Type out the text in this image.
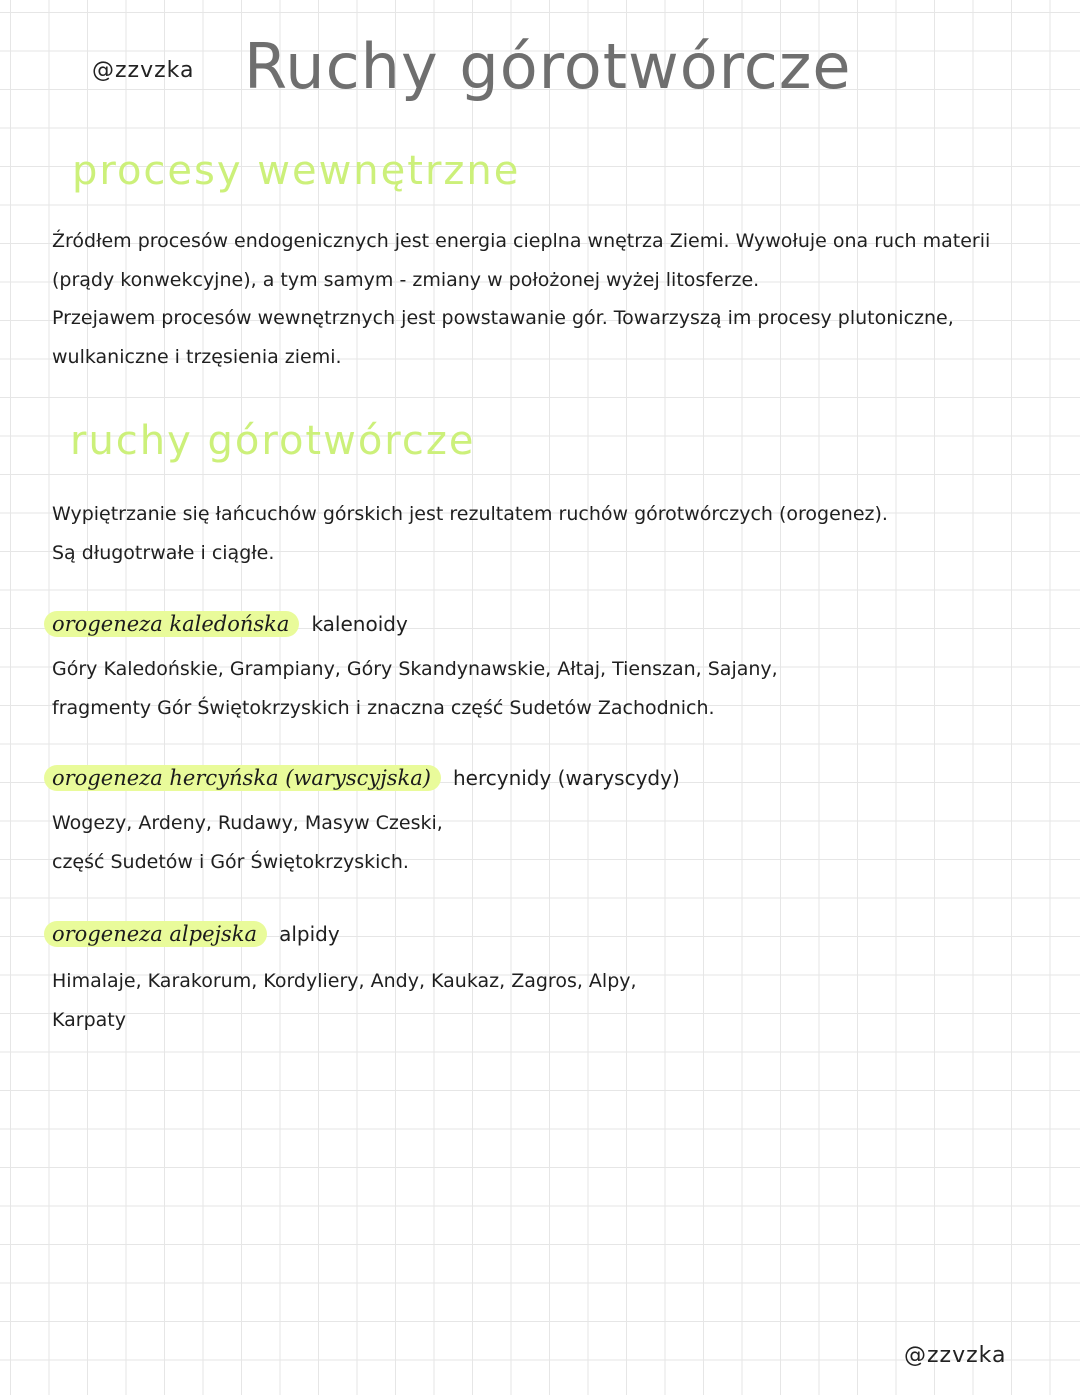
@zzvzka Ruchy górotwórcze
procesy wewnętrzne
Źródłem procesów endogenicznych jest energia cieplna wnętrza Ziemi. Wywołuje ona ruch materii
(prądy konwekcyjne), a tym samym - zmiany w położonej wyżej litosferze.
Przejawem procesów wewnętrznych jest powstawanie gór. Towarzyszą im procesy plutoniczne,
wulkaniczne i trzęsienia ziemi.
ruchy górotwórcze
Wypiętrzanie się łańcuchów górskich jest rezultatem ruchów górotwórczych (orogenez).
Są długotrwałe i ciągłe.
orogeneza kaledońska kalenoidy
Góry Kaledońskie, Grampiany, Góry Skandynawskie, Ałtaj, Tienszan, Sajany,
fragmenty Gór Świętokrzyskich i znaczna część Sudetów Zachodnich.
orogeneza hercyńska (waryscyjska) hercynidy (waryscydy)
Wogezy, Ardeny, Rudawy, Masyw Czeski,
część Sudetów i Gór Świętokrzyskich.
orogeneza alpejska alpidy
Himalaje, Karakorum, Kordyliery, Andy, Kaukaz, Zagros, Alpy,
Karpaty
@zzvzka
